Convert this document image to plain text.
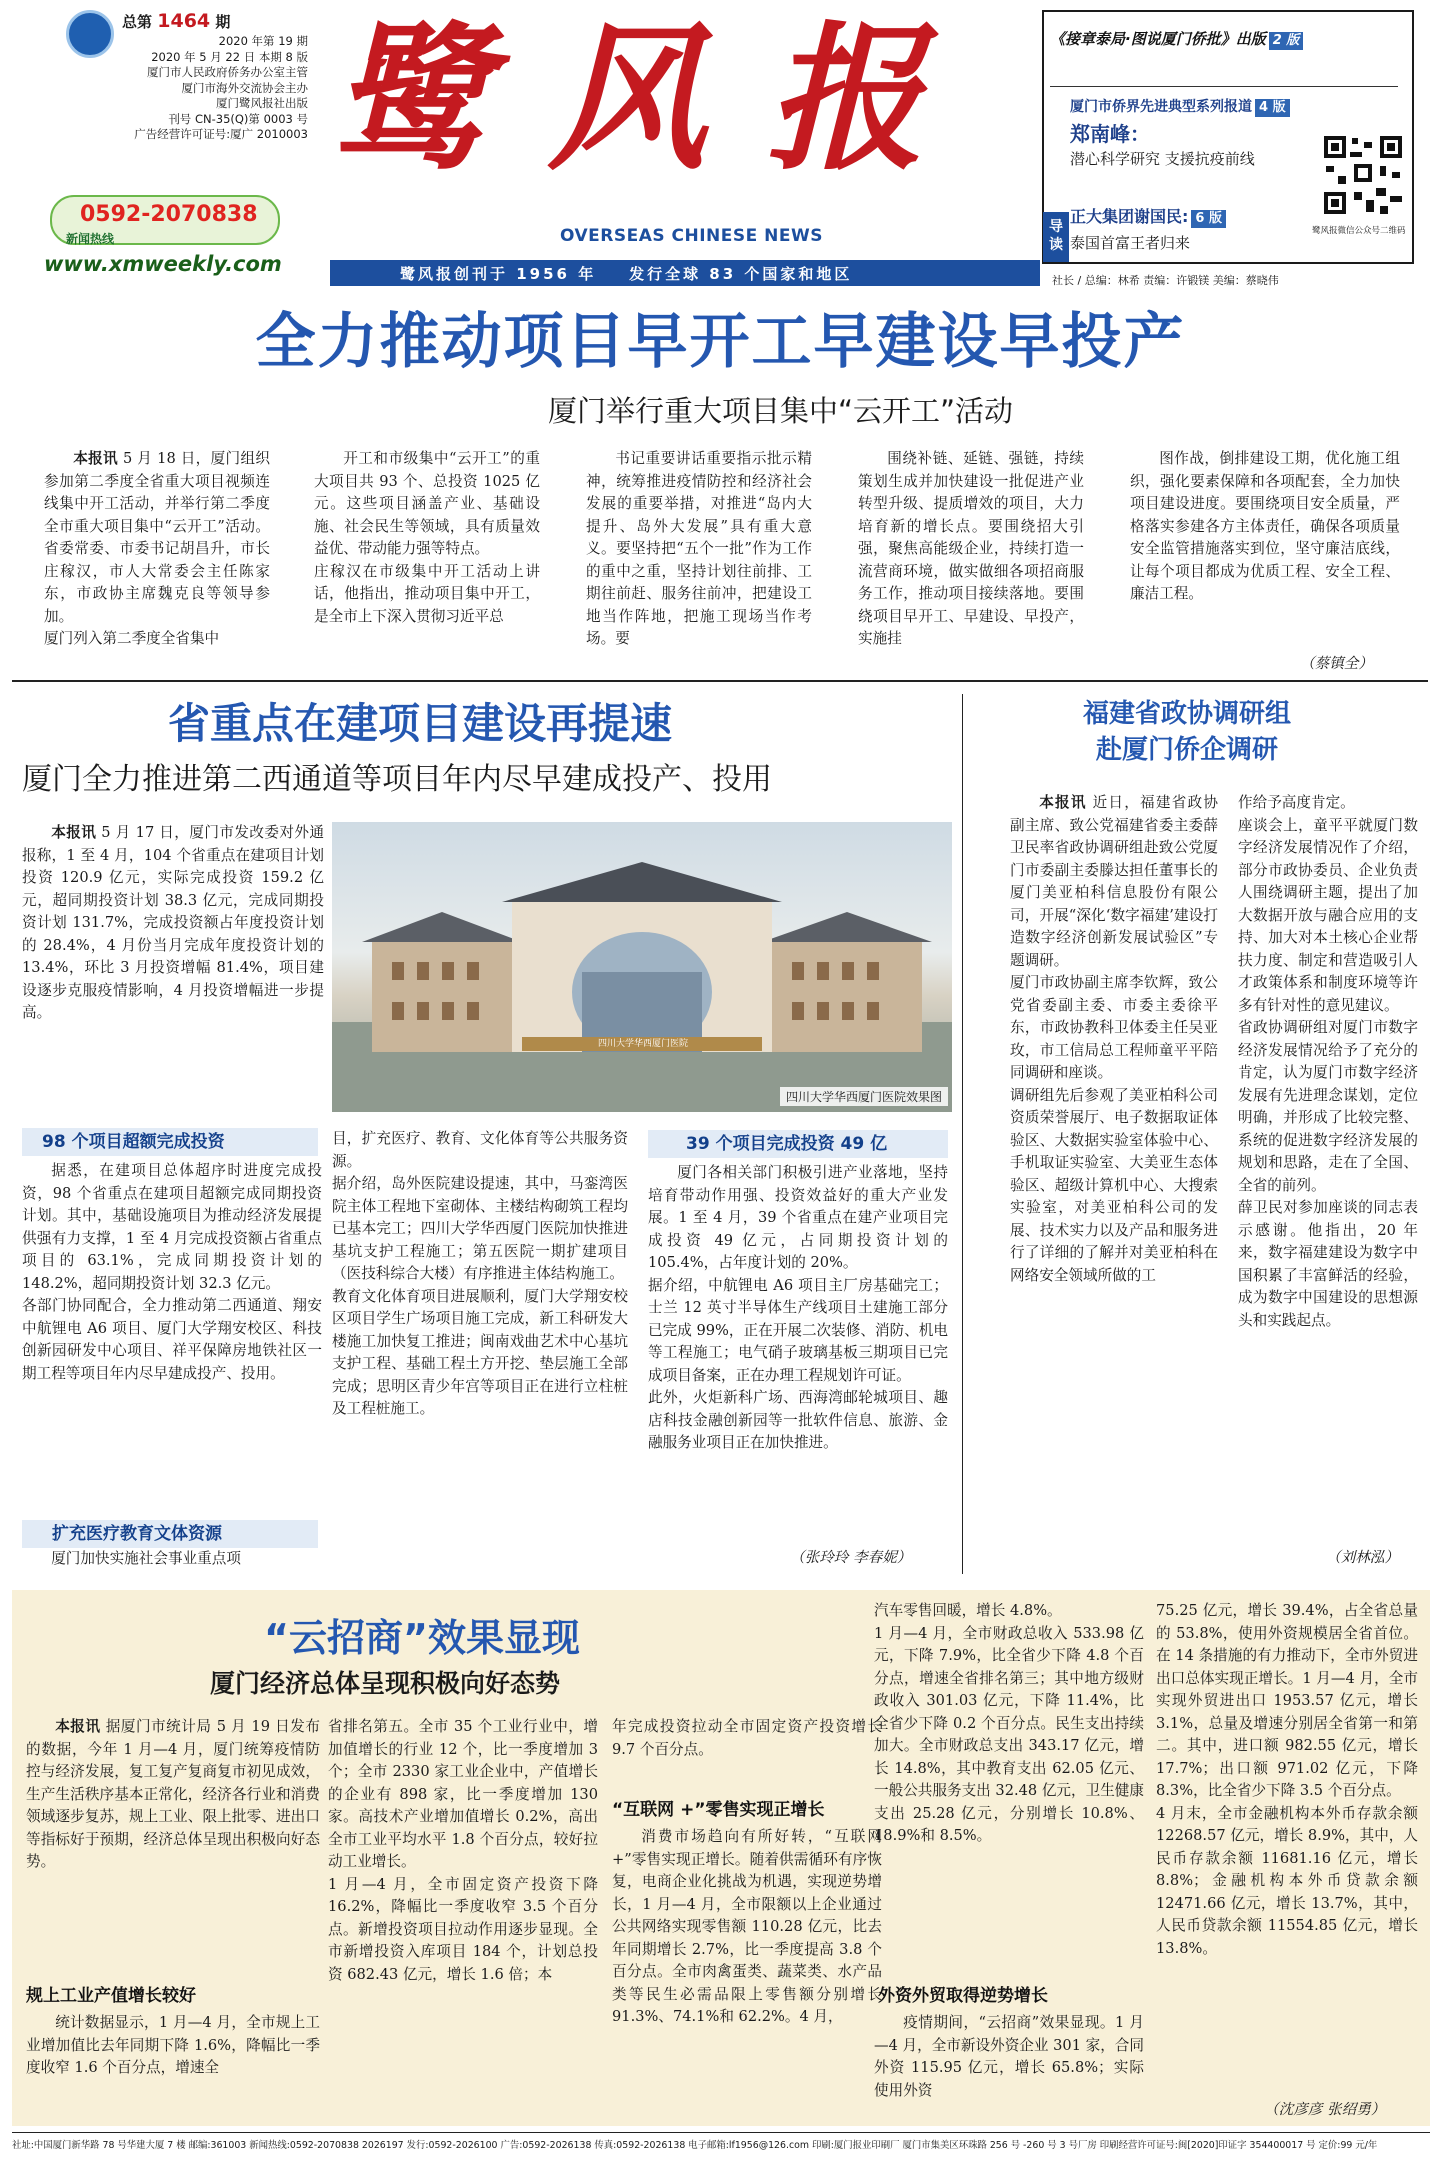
总第 1464 期
2020 年第 19 期
2020 年 5 月 22 日 本期 8 版
厦门市人民政府侨务办公室主管
厦门市海外交流协会主办
厦门鹭风报社出版
刊号 CN-35(Q)第 0003 号
广告经营许可证号:厦广 2010003
0592-2070838
新闻热线
www.xmweekly.com
鹭风报
OVERSEAS CHINESE NEWS
鹭风报创刊于 1956 年    发行全球 83 个国家和地区
导读
《接章泰局·图说厦门侨批》出版 2 版
厦门市侨界先进典型系列报道 4 版
郑南峰：
潜心科学研究 支援抗疫前线
正大集团谢国民: 6 版
泰国首富王者归来
鹭风报微信公众号二维码
社长 / 总编：林希 责编：许锻镁 美编：蔡晓伟
全力推动项目早开工早建设早投产
厦门举行重大项目集中“云开工”活动

本报讯 5 月 18 日，厦门组织参加第二季度全省重大项目视频连线集中开工活动，并举行第二季度全市重大项目集中“云开工”活动。省委常委、市委书记胡昌升，市长庄稼汉，市人大常委会主任陈家东，市政协主席魏克良等领导参加。
厦门列入第二季度全省集中

开工和市级集中“云开工”的重大项目共 93 个、总投资 1025 亿元。这些项目涵盖产业、基础设施、社会民生等领域，具有质量效益优、带动能力强等特点。
庄稼汉在市级集中开工活动上讲话，他指出，推动项目集中开工，是全市上下深入贯彻习近平总

书记重要讲话重要指示批示精神，统筹推进疫情防控和经济社会发展的重要举措，对推进“岛内大提升、岛外大发展”具有重大意义。要坚持把“五个一批”作为工作的重中之重，坚持计划往前排、工期往前赶、服务往前冲，把建设工地当作阵地，把施工现场当作考场。要

围绕补链、延链、强链，持续策划生成并加快建设一批促进产业转型升级、提质增效的项目，大力培育新的增长点。要围绕招大引强，聚焦高能级企业，持续打造一流营商环境，做实做细各项招商服务工作，推动项目接续落地。要围绕项目早开工、早建设、早投产，实施挂

图作战，倒排建设工期，优化施工组织，强化要素保障和各项配套，全力加快项目建设进度。要围绕项目安全质量，严格落实参建各方主体责任，确保各项质量安全监管措施落实到位，坚守廉洁底线，让每个项目都成为优质工程、安全工程、廉洁工程。

（蔡镇全）
省重点在建项目建设再提速
厦门全力推进第二西通道等项目年内尽早建成投产、投用

本报讯 5 月 17 日，厦门市发改委对外通报称，1 至 4 月，104 个省重点在建项目计划投资 120.9 亿元，实际完成投资 159.2 亿元，超同期投资计划 38.3 亿元，完成同期投资计划 131.7%，完成投资额占年度投资计划的 28.4%，4 月份当月完成年度投资计划的 13.4%，环比 3 月投资增幅 81.4%，项目建设逐步克服疫情影响，4 月投资增幅进一步提高。

四川大学华西厦门医院
四川大学华西厦门医院效果图
98 个项目超额完成投资

据悉，在建项目总体超序时进度完成投资，98 个省重点在建项目超额完成同期投资计划。其中，基础设施项目为推动经济发展提供强有力支撑，1 至 4 月完成投资额占省重点项目的 63.1%，完成同期投资计划的 148.2%，超同期投资计划 32.3 亿元。
各部门协同配合，全力推动第二西通道、翔安中航锂电 A6 项目、厦门大学翔安校区、科技创新园研发中心项目、祥平保障房地铁社区一期工程等项目年内尽早建成投产、投用。

扩充医疗教育文体资源

厦门加快实施社会事业重点项

目，扩充医疗、教育、文化体育等公共服务资源。
据介绍，岛外医院建设提速，其中，马銮湾医院主体工程地下室砌体、主楼结构砌筑工程均已基本完工；四川大学华西厦门医院加快推进基坑支护工程施工；第五医院一期扩建项目（医技科综合大楼）有序推进主体结构施工。
教育文化体育项目进展顺利，厦门大学翔安校区项目学生广场项目施工完成，新工科研发大楼施工加快复工推进；闽南戏曲艺术中心基坑支护工程、基础工程土方开挖、垫层施工全部完成；思明区青少年宫等项目正在进行立柱桩及工程桩施工。

39 个项目完成投资 49 亿

厦门各相关部门积极引进产业落地，坚持培育带动作用强、投资效益好的重大产业发展。1 至 4 月，39 个省重点在建产业项目完成投资 49 亿元，占同期投资计划的 105.4%，占年度计划的 20%。
据介绍，中航锂电 A6 项目主厂房基础完工；士兰 12 英寸半导体生产线项目土建施工部分已完成 99%，正在开展二次装修、消防、机电等工程施工；电气硝子玻璃基板三期项目已完成项目备案，正在办理工程规划许可证。
此外，火炬新科广场、西海湾邮轮城项目、趣店科技金融创新园等一批软件信息、旅游、金融服务业项目正在加快推进。

（张玲玲 李春妮）
福建省政协调研组
赴厦门侨企调研

本报讯 近日，福建省政协副主席、致公党福建省委主委薛卫民率省政协调研组赴致公党厦门市委副主委滕达担任董事长的厦门美亚柏科信息股份有限公司，开展“深化‘数字福建’建设打造数字经济创新发展试验区”专题调研。
厦门市政协副主席李钦辉，致公党省委副主委、市委主委徐平东，市政协教科卫体委主任吴亚玫，市工信局总工程师童平平陪同调研和座谈。
调研组先后参观了美亚柏科公司资质荣誉展厅、电子数据取证体验区、大数据实验室体验中心、手机取证实验室、大美亚生态体验区、超级计算机中心、大搜索实验室，对美亚柏科公司的发展、技术实力以及产品和服务进行了详细的了解并对美亚柏科在网络安全领域所做的工

作给予高度肯定。
座谈会上，童平平就厦门数字经济发展情况作了介绍，部分市政协委员、企业负责人围绕调研主题，提出了加大数据开放与融合应用的支持、加大对本土核心企业帮扶力度、制定和营造吸引人才政策体系和制度环境等许多有针对性的意见建议。
省政协调研组对厦门市数字经济发展情况给予了充分的肯定，认为厦门市数字经济发展有先进理念谋划，定位明确，并形成了比较完整、系统的促进数字经济发展的规划和思路，走在了全国、全省的前列。
薛卫民对参加座谈的同志表示感谢。他指出，20 年来，数字福建建设为数字中国积累了丰富鲜活的经验，成为数字中国建设的思想源头和实践起点。

（刘林泓）
“云招商”效果显现
厦门经济总体呈现积极向好态势

本报讯 据厦门市统计局 5 月 19 日发布的数据，今年 1 月—4 月，厦门统筹疫情防控与经济发展，复工复产复商复市初见成效，生产生活秩序基本正常化，经济各行业和消费领域逐步复苏，规上工业、限上批零、进出口等指标好于预期，经济总体呈现出积极向好态势。

规上工业产值增长较好

统计数据显示，1 月—4 月，全市规上工业增加值比去年同期下降 1.6%，降幅比一季度收窄 1.6 个百分点，增速全

省排名第五。全市 35 个工业行业中，增加值增长的行业 12 个，比一季度增加 3 个；全市 2330 家工业企业中，产值增长的企业有 898 家，比一季度增加 130 家。高技术产业增加值增长 0.2%，高出全市工业平均水平 1.8 个百分点，较好拉动工业增长。
1 月—4 月，全市固定资产投资下降 16.2%，降幅比一季度收窄 3.5 个百分点。新增投资项目拉动作用逐步显现。全市新增投资入库项目 184 个，计划总投资 682.43 亿元，增长 1.6 倍；本

年完成投资拉动全市固定资产投资增长 9.7 个百分点。

“互联网 +”零售实现正增长

消费市场趋向有所好转，“互联网 +”零售实现正增长。随着供需循环有序恢复，电商企业化挑战为机遇，实现逆势增长，1 月—4 月，全市限额以上企业通过公共网络实现零售额 110.28 亿元，比去年同期增长 2.7%，比一季度提高 3.8 个百分点。全市肉禽蛋类、蔬菜类、水产品类等民生必需品限上零售额分别增长 91.3%、74.1%和 62.2%。4 月，

汽车零售回暖，增长 4.8%。
1 月—4 月，全市财政总收入 533.98 亿元，下降 7.9%，比全省少下降 4.8 个百分点，增速全省排名第三；其中地方级财政收入 301.03 亿元，下降 11.4%，比全省少下降 0.2 个百分点。民生支出持续加大。全市财政总支出 343.17 亿元，增长 14.8%，其中教育支出 62.05 亿元、一般公共服务支出 32.48 亿元，卫生健康支出 25.28 亿元，分别增长 10.8%、18.9%和 8.5%。

外资外贸取得逆势增长

疫情期间，“云招商”效果显现。1 月—4 月，全市新设外资企业 301 家，合同外资 115.95 亿元，增长 65.8%；实际使用外资

75.25 亿元，增长 39.4%，占全省总量的 53.8%，使用外资规模居全省首位。在 14 条措施的有力推动下，全市外贸进出口总体实现正增长。1 月—4 月，全市实现外贸进出口 1953.57 亿元，增长 3.1%，总量及增速分别居全省第一和第二。其中，进口额 982.55 亿元，增长 17.7%；出口额 971.02 亿元，下降 8.3%，比全省少下降 3.5 个百分点。
4 月末，全市金融机构本外币存款余额 12268.57 亿元，增长 8.9%，其中，人民币存款余额 11681.16 亿元，增长 8.8%；金融机构本外币贷款余额 12471.66 亿元，增长 13.7%，其中，人民币贷款余额 11554.85 亿元，增长 13.8%。

（沈彦彦 张绍勇）
社址:中国厦门新华路 78 号华建大厦 7 楼 邮编:361003 新闻热线:0592-2070838 2026197 发行:0592-2026100 广告:0592-2026138 传真:0592-2026138 电子邮箱:lf1956@126.com 印刷:厦门报业印刷厂 厦门市集美区环珠路 256 号 -260 号 3 号厂房 印刷经营许可证号:闽[2020]印证字 354400017 号 定价:99 元/年
